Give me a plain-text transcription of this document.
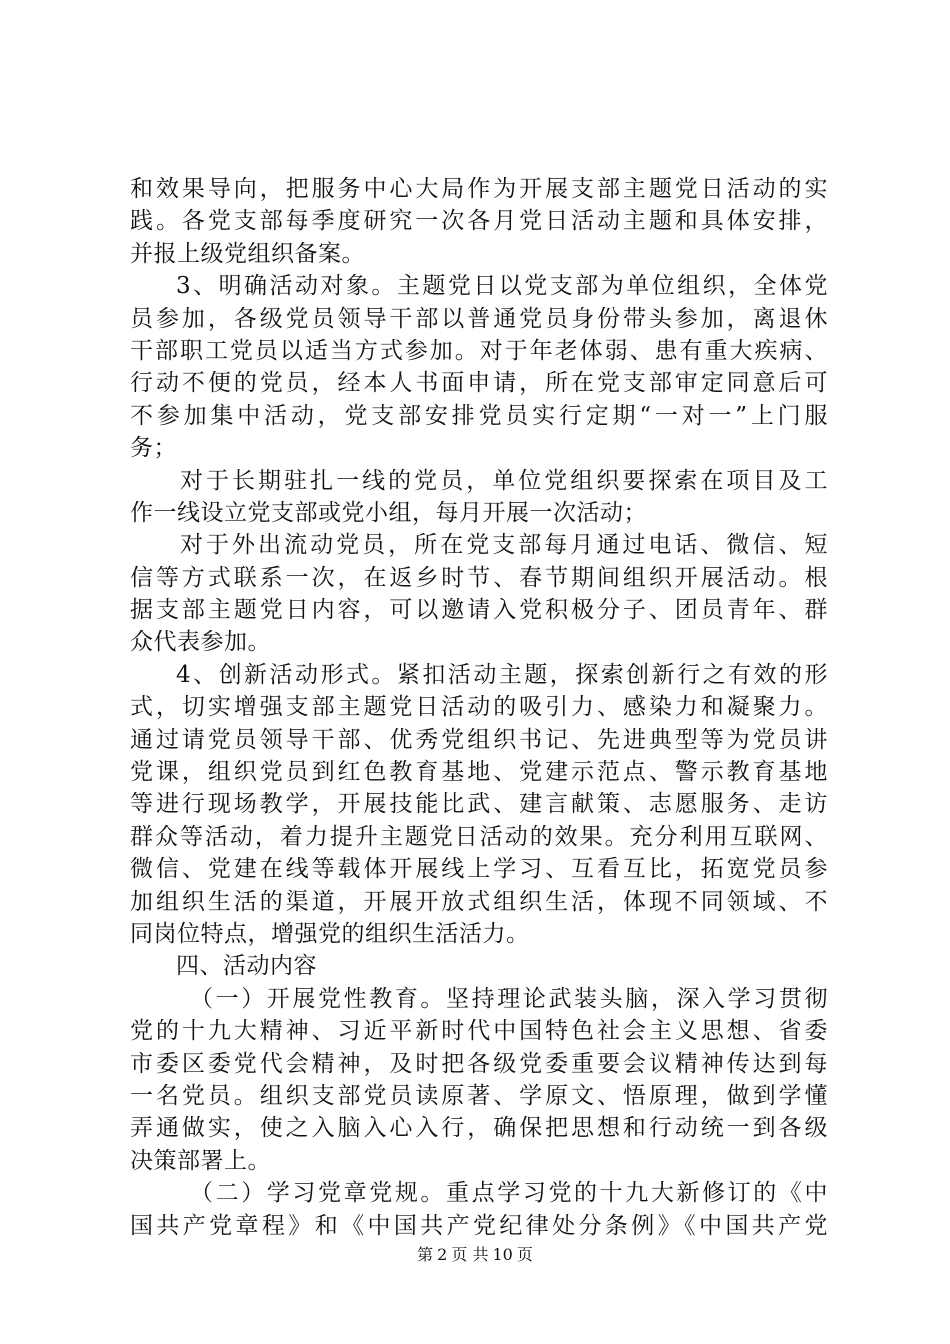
和效果导向，把服务中心大局作为开展支部主题党日活动的实
践。各党支部每季度研究一次各月党日活动主题和具体安排，
并报上级党组织备案。
3、明确活动对象。主题党日以党支部为单位组织，全体党
员参加，各级党员领导干部以普通党员身份带头参加，离退休
干部职工党员以适当方式参加。对于年老体弱、患有重大疾病、
行动不便的党员，经本人书面申请，所在党支部审定同意后可
不参加集中活动，党支部安排党员实行定期“一对一”上门服
务；
对于长期驻扎一线的党员，单位党组织要探索在项目及工
作一线设立党支部或党小组，每月开展一次活动；
对于外出流动党员，所在党支部每月通过电话、微信、短
信等方式联系一次，在返乡时节、春节期间组织开展活动。根
据支部主题党日内容，可以邀请入党积极分子、团员青年、群
众代表参加。
4、创新活动形式。紧扣活动主题，探索创新行之有效的形
式，切实增强支部主题党日活动的吸引力、感染力和凝聚力。
通过请党员领导干部、优秀党组织书记、先进典型等为党员讲
党课，组织党员到红色教育基地、党建示范点、警示教育基地
等进行现场教学，开展技能比武、建言献策、志愿服务、走访
群众等活动，着力提升主题党日活动的效果。充分利用互联网、
微信、党建在线等载体开展线上学习、互看互比，拓宽党员参
加组织生活的渠道，开展开放式组织生活，体现不同领域、不
同岗位特点，增强党的组织生活活力。
四、活动内容
（一）开展党性教育。坚持理论武装头脑，深入学习贯彻
党的十九大精神、习近平新时代中国特色社会主义思想、省委
市委区委党代会精神，及时把各级党委重要会议精神传达到每
一名党员。组织支部党员读原著、学原文、悟原理，做到学懂
弄通做实，使之入脑入心入行，确保把思想和行动统一到各级
决策部署上。
（二）学习党章党规。重点学习党的十九大新修订的《中
国共产党章程》和《中国共产党纪律处分条例》《中国共产党
第 2 页 共 10 页
